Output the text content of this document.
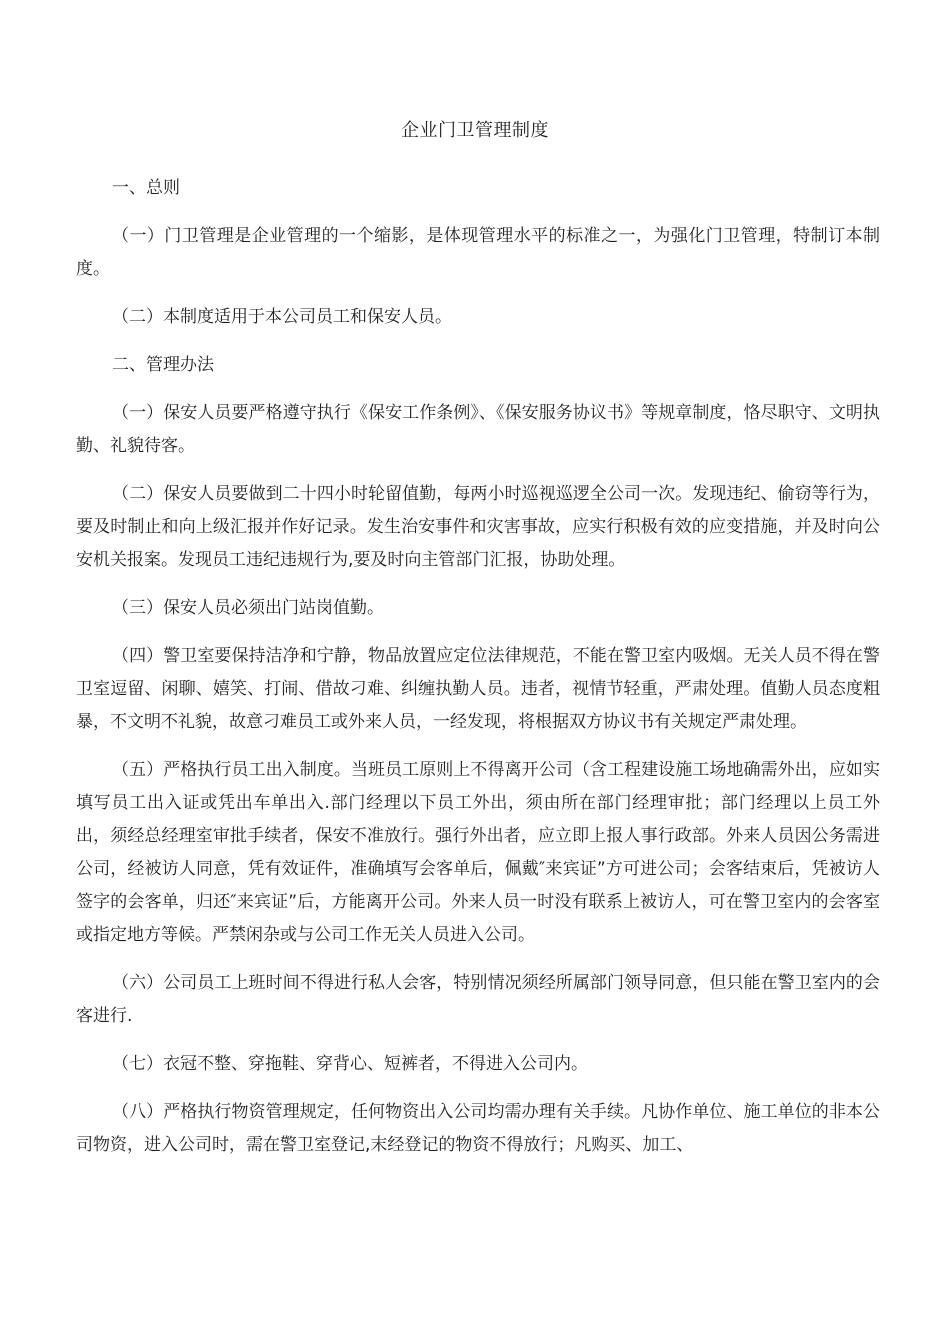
企业门卫管理制度

一、总则

（一）门卫管理是企业管理的一个缩影，是体现管理水平的标准之一，为强化门卫管理，特制订本制度。

（二）本制度适用于本公司员工和保安人员。

二、管理办法

（一）保安人员要严格遵守执行《保安工作条例》、《保安服务协议书》等规章制度，恪尽职守、文明执勤、礼貌待客。

（二）保安人员要做到二十四小时轮留值勤，每两小时巡视巡逻全公司一次。发现违纪、偷窃等行为，要及时制止和向上级汇报并作好记录。发生治安事件和灾害事故，应实行积极有效的应变措施，并及时向公安机关报案。发现员工违纪违规行为,要及时向主管部门汇报，协助处理。

（三）保安人员必须出门站岗值勤。

（四）警卫室要保持洁净和宁静，物品放置应定位法律规范，不能在警卫室内吸烟。无关人员不得在警卫室逗留、闲聊、嬉笑、打闹、借故刁难、纠缠执勤人员。违者，视情节轻重，严肃处理。值勤人员态度粗暴，不文明不礼貌，故意刁难员工或外来人员，一经发现，将根据双方协议书有关规定严肃处理。

（五）严格执行员工出入制度。当班员工原则上不得离开公司（含工程建设施工场地确需外出，应如实填写员工出入证或凭出车单出入.部门经理以下员工外出，须由所在部门经理审批；部门经理以上员工外出，须经总经理室审批手续者，保安不准放行。强行外出者，应立即上报人事行政部。外来人员因公务需进公司，经被访人同意，凭有效证件，准确填写会客单后，佩戴″来宾证”方可进公司；会客结束后，凭被访人签字的会客单，归还″来宾证”后，方能离开公司。外来人员一时没有联系上被访人，可在警卫室内的会客室或指定地方等候。严禁闲杂或与公司工作无关人员进入公司。

（六）公司员工上班时间不得进行私人会客，特别情况须经所属部门领导同意，但只能在警卫室内的会客进行.

（七）衣冠不整、穿拖鞋、穿背心、短裤者，不得进入公司内。

（八）严格执行物资管理规定，任何物资出入公司均需办理有关手续。凡协作单位、施工单位的非本公司物资，进入公司时，需在警卫室登记,末经登记的物资不得放行；凡购买、加工、
